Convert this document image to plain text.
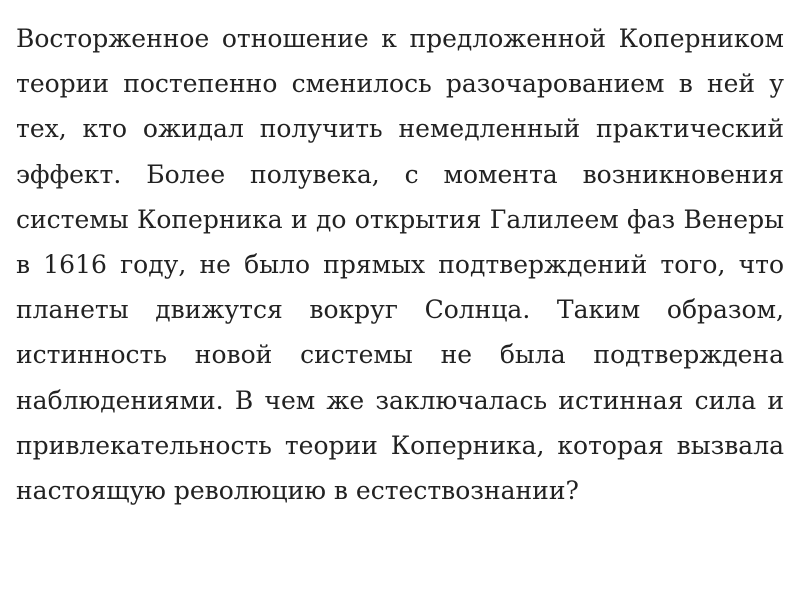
Восторженное отношение к предложенной Коперником теории постепенно сменилось разочарованием в ней у тех, кто ожидал получить немедленный практический эффект. Более полувека, с момента возникновения системы Коперника и до открытия Галилеем фаз Венеры в 1616 году, не было прямых подтверждений того, что планеты движутся вокруг Солнца. Таким образом, истинность новой системы не была подтверждена наблюдениями. В чем же заключалась истинная сила и привлекательность теории Коперника, которая вызвала настоящую революцию в естествознании?
